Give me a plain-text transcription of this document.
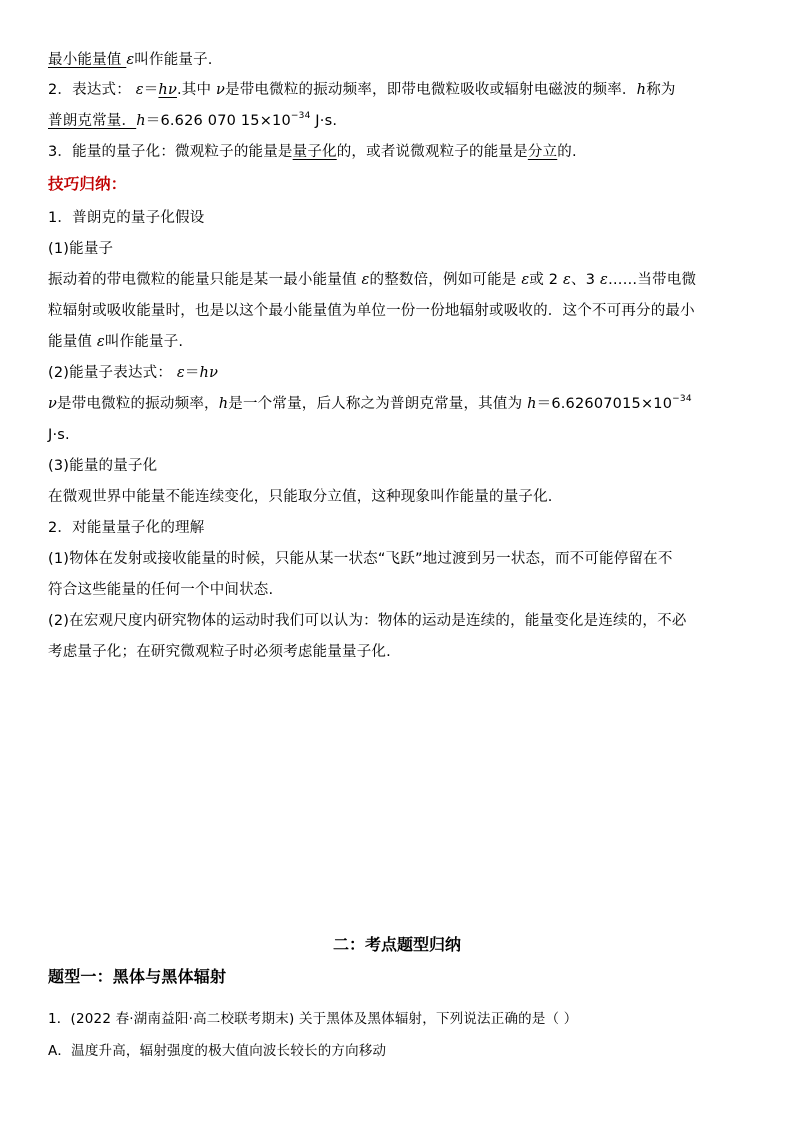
最小能量值 ε叫作能量子.
2．表达式： ε＝hν.其中 ν是带电微粒的振动频率，即带电微粒吸收或辐射电磁波的频率．h称为
普朗克常量．h＝6.626 070 $15\times 10^{-34}$ J·s.
3．能量的量子化：微观粒子的能量是量子化的，或者说微观粒子的能量是分立的.
技巧归纳：
1．普朗克的量子化假设
(1)能量子
振动着的带电微粒的能量只能是某一最小能量值 ε的整数倍，例如可能是 ε或 2 ε、3 ε……当带电微
粒辐射或吸收能量时，也是以这个最小能量值为单位一份一份地辐射或吸收的．这个不可再分的最小
能量值 ε叫作能量子.
(2)能量子表达式： ε＝hν
ν是带电微粒的振动频率，h是一个常量，后人称之为普朗克常量，其值为 $h=6.62607015\times 10^{-34}$
J·s.
(3)能量的量子化
在微观世界中能量不能连续变化，只能取分立值，这种现象叫作能量的量子化.
2．对能量量子化的理解
(1)物体在发射或接收能量的时候，只能从某一状态“飞跃”地过渡到另一状态，而不可能停留在不
符合这些能量的任何一个中间状态.
(2)在宏观尺度内研究物体的运动时我们可以认为：物体的运动是连续的，能量变化是连续的，不必
考虑量子化；在研究微观粒子时必须考虑能量量子化.
二：考点题型归纳
题型一：黑体与黑体辐射
1．(2022 春·湖南益阳·高二校联考期末) 关于黑体及黑体辐射，下列说法正确的是（ ）
A．温度升高，辐射强度的极大值向波长较长的方向移动
